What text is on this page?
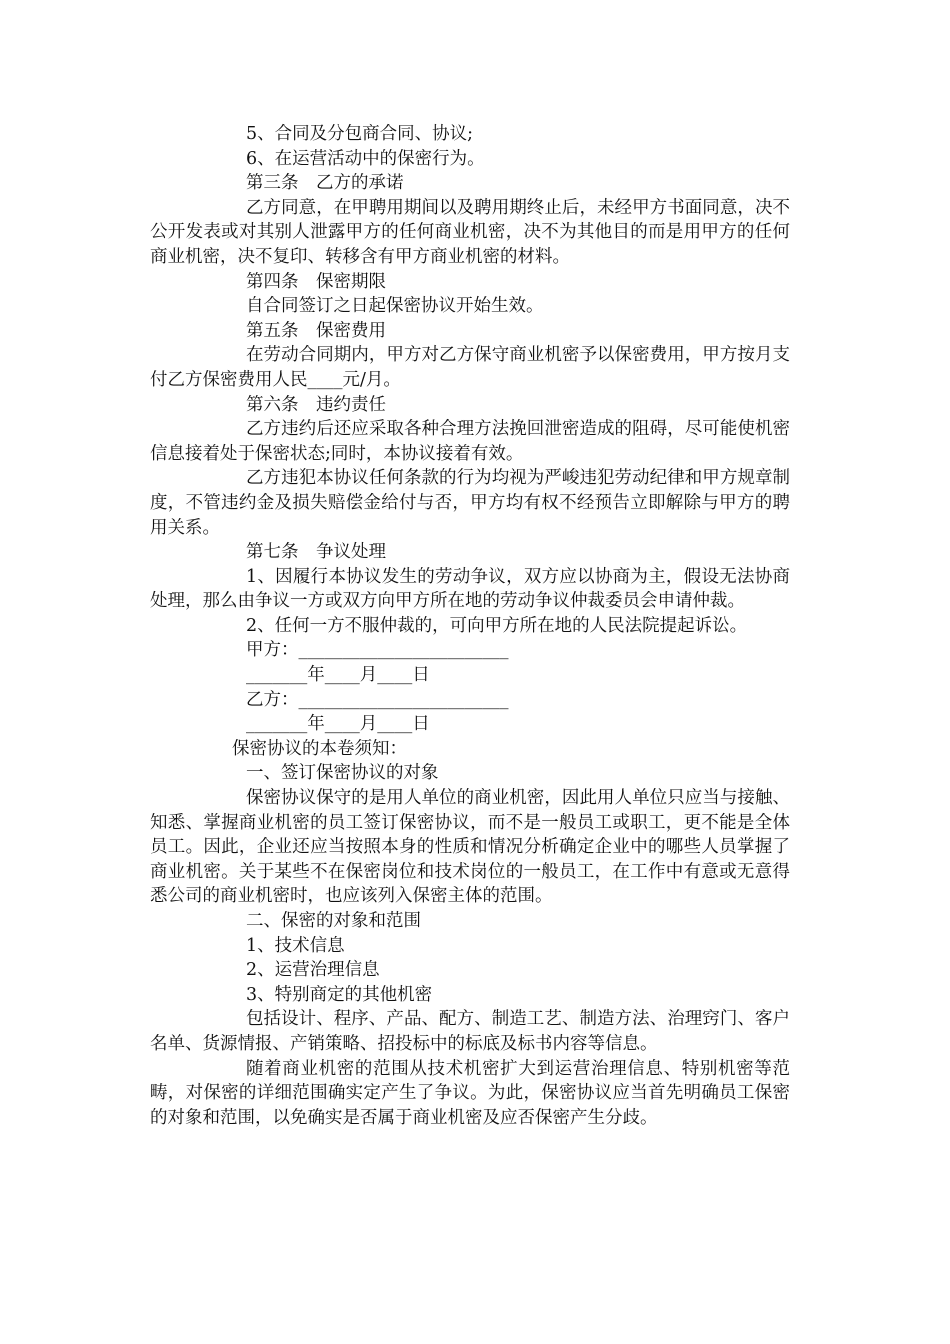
5、合同及分包商合同、协议;

6、在运营活动中的保密行为。

第三条　乙方的承诺

乙方同意，在甲聘用期间以及聘用期终止后，未经甲方书面同意，决不公开发表或对其别人泄露甲方的任何商业机密，决不为其他目的而是用甲方的任何商业机密，决不复印、转移含有甲方商业机密的材料。

第四条　保密期限

自合同签订之日起保密协议开始生效。

第五条　保密费用

在劳动合同期内，甲方对乙方保守商业机密予以保密费用，甲方按月支付乙方保密费用人民____元/月。

第六条　违约责任

乙方违约后还应采取各种合理方法挽回泄密造成的阻碍，尽可能使机密信息接着处于保密状态;同时，本协议接着有效。

乙方违犯本协议任何条款的行为均视为严峻违犯劳动纪律和甲方规章制度，不管违约金及损失赔偿金给付与否，甲方均有权不经预告立即解除与甲方的聘用关系。

第七条　争议处理

1、因履行本协议发生的劳动争议，双方应以协商为主，假设无法协商处理，那么由争议一方或双方向甲方所在地的劳动争议仲裁委员会申请仲裁。

2、任何一方不服仲裁的，可向甲方所在地的人民法院提起诉讼。

甲方：________________________

_______年____月____日

乙方：________________________

_______年____月____日

保密协议的本卷须知：

一、签订保密协议的对象

保密协议保守的是用人单位的商业机密，因此用人单位只应当与接触、知悉、掌握商业机密的员工签订保密协议，而不是一般员工或职工，更不能是全体员工。因此，企业还应当按照本身的性质和情况分析确定企业中的哪些人员掌握了商业机密。关于某些不在保密岗位和技术岗位的一般员工，在工作中有意或无意得悉公司的商业机密时，也应该列入保密主体的范围。

二、保密的对象和范围

1、技术信息

2、运营治理信息

3、特别商定的其他机密

包括设计、程序、产品、配方、制造工艺、制造方法、治理窍门、客户名单、货源情报、产销策略、招投标中的标底及标书内容等信息。

随着商业机密的范围从技术机密扩大到运营治理信息、特别机密等范畴，对保密的详细范围确实定产生了争议。为此，保密协议应当首先明确员工保密的对象和范围，以免确实是否属于商业机密及应否保密产生分歧。
